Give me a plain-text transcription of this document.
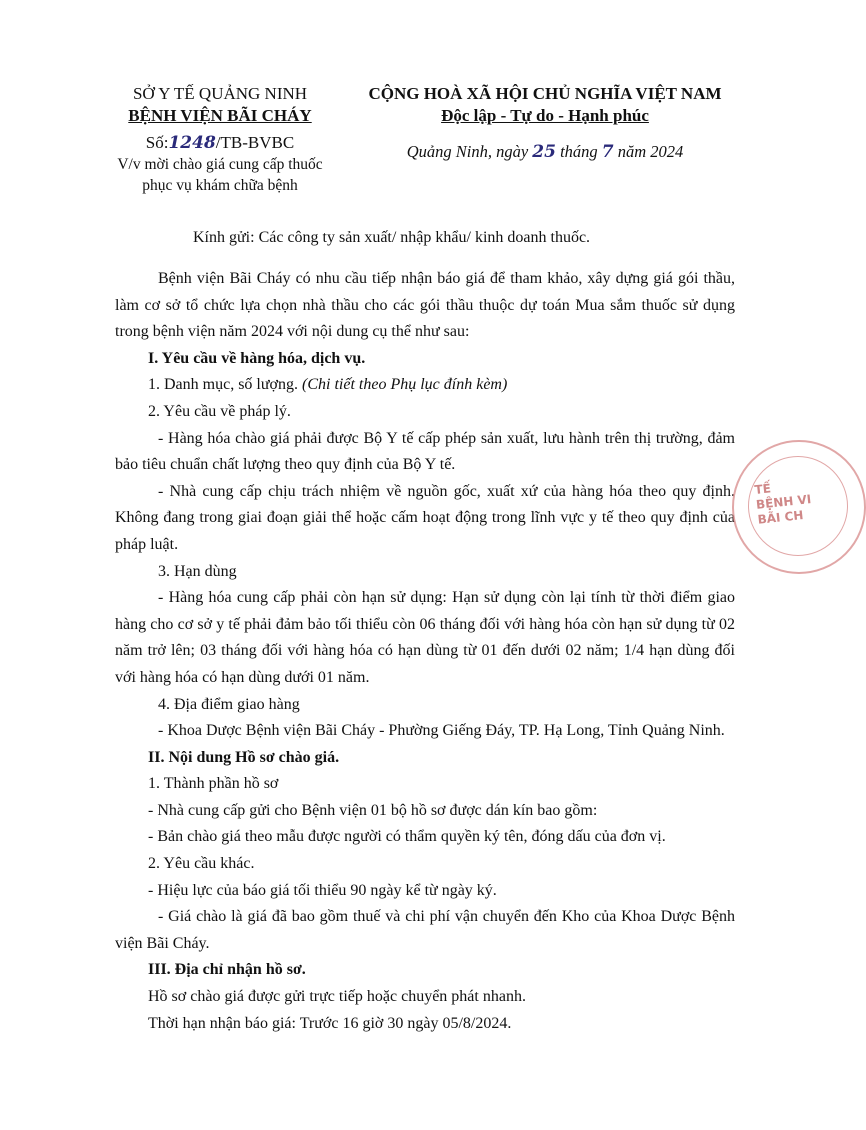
SỞ Y TẾ QUẢNG NINH
BỆNH VIỆN BÃI CHÁY
Số:1248/TB-BVBC
V/v mời chào giá cung cấp thuốc
phục vụ khám chữa bệnh
CỘNG HOÀ XÃ HỘI CHỦ NGHĨA VIỆT NAM
Độc lập - Tự do - Hạnh phúc
Quảng Ninh, ngày 25 tháng 7 năm 2024
Kính gửi: Các công ty sản xuất/ nhập khẩu/ kinh doanh thuốc.

Bệnh viện Bãi Cháy có nhu cầu tiếp nhận báo giá để tham khảo, xây dựng giá gói thầu, làm cơ sở tổ chức lựa chọn nhà thầu cho các gói thầu thuộc dự toán Mua sắm thuốc sử dụng trong bệnh viện năm 2024 với nội dung cụ thể như sau:

I. Yêu cầu về hàng hóa, dịch vụ.

1. Danh mục, số lượng. (Chi tiết theo Phụ lục đính kèm)

2. Yêu cầu về pháp lý.

- Hàng hóa chào giá phải được Bộ Y tế cấp phép sản xuất, lưu hành trên thị trường, đảm bảo tiêu chuẩn chất lượng theo quy định của Bộ Y tế.

- Nhà cung cấp chịu trách nhiệm về nguồn gốc, xuất xứ của hàng hóa theo quy định. Không đang trong giai đoạn giải thể hoặc cấm hoạt động trong lĩnh vực y tế theo quy định của pháp luật.

3. Hạn dùng

- Hàng hóa cung cấp phải còn hạn sử dụng: Hạn sử dụng còn lại tính từ thời điểm giao hàng cho cơ sở y tế phải đảm bảo tối thiểu còn 06 tháng đối với hàng hóa còn hạn sử dụng từ 02 năm trở lên; 03 tháng đối với hàng hóa có hạn dùng từ 01 đến dưới 02 năm; 1/4 hạn dùng đối với hàng hóa có hạn dùng dưới 01 năm.

4. Địa điểm giao hàng

- Khoa Dược Bệnh viện Bãi Cháy - Phường Giếng Đáy, TP. Hạ Long, Tỉnh Quảng Ninh.

II. Nội dung Hồ sơ chào giá.

1. Thành phần hồ sơ

- Nhà cung cấp gửi cho Bệnh viện 01 bộ hồ sơ được dán kín bao gồm:

- Bản chào giá theo mẫu được người có thẩm quyền ký tên, đóng dấu của đơn vị.

2. Yêu cầu khác.

- Hiệu lực của báo giá tối thiểu 90 ngày kể từ ngày ký.

- Giá chào là giá đã bao gồm thuế và chi phí vận chuyển đến Kho của Khoa Dược Bệnh viện Bãi Cháy.

III. Địa chỉ nhận hồ sơ.

Hồ sơ chào giá được gửi trực tiếp hoặc chuyển phát nhanh.

Thời hạn nhận báo giá: Trước 16 giờ 30 ngày 05/8/2024.

TẾ
BỆNH VI
BÃI CH
